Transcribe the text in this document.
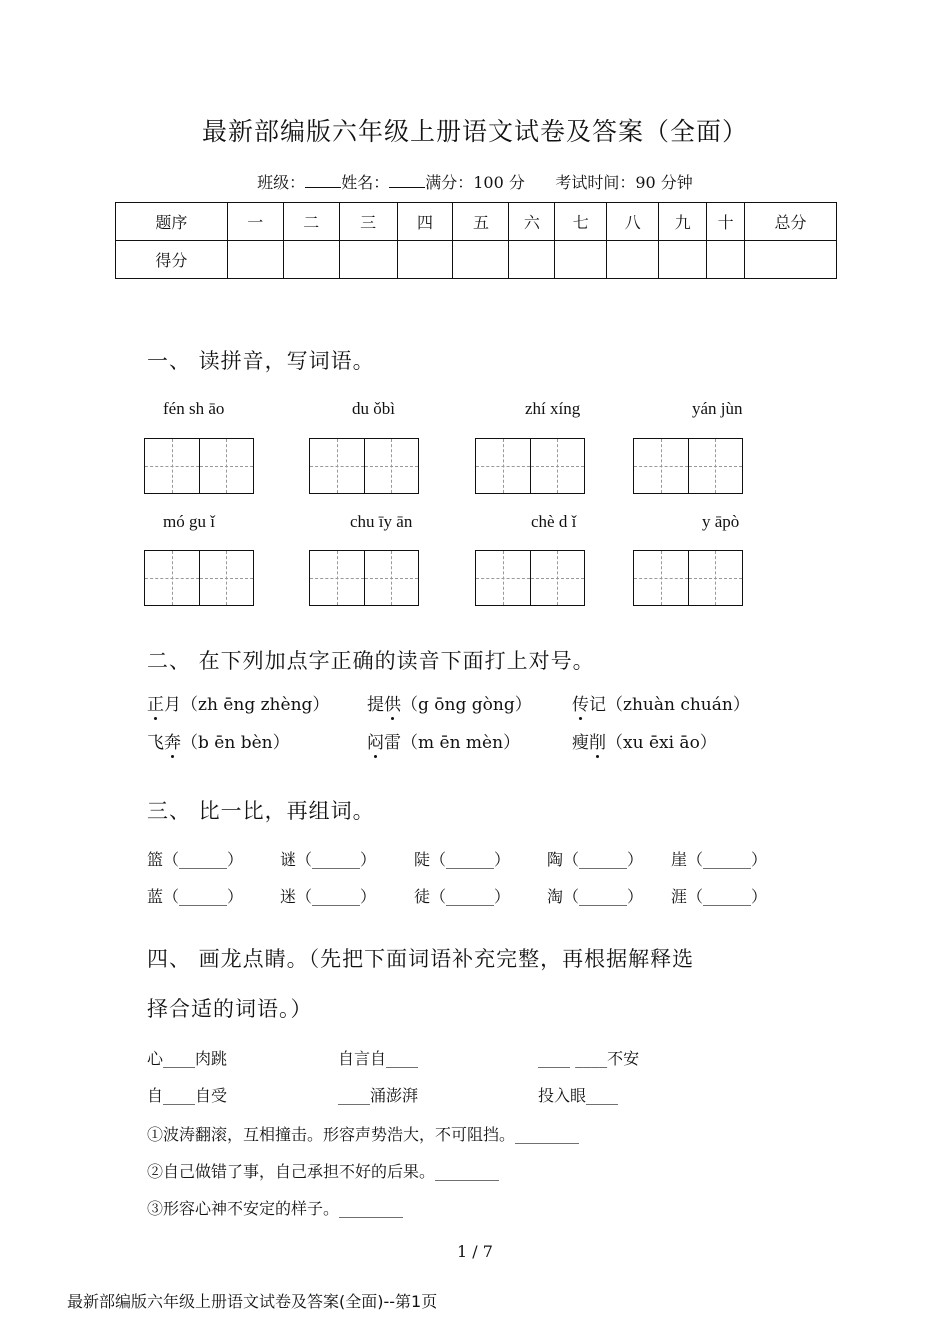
最新部编版六年级上册语文试卷及答案（全面）
班级： 姓名： 满分：100 分 考试时间：90 分钟
题序	一	二	三	四	五	六	七	八	九	十	总分
得分											
一、 读拼音，写词语。
fén sh āo	du ǒbì	zhí xíng	yán jùn
mó gu ǐ	chu īy ān	chè d ǐ	y āpò
二、 在下列加点字正确的读音下面打上对号。
正月（zh ēng zhèng） 提供（g ōng gòng） 传记（zhuàn chuán）
飞奔（b ēn bèn）	闷雷（m ēn mèn）	瘦削（xu ēxi āo）
三、 比一比，再组词。
篮（______） 谜（______） 陡（______） 陶（______） 崖（______）
蓝（______） 迷（______） 徒（______） 淘（______） 涯（______）
四、 画龙点睛。（先把下面词语补充完整，再根据解释选
择合适的词语。）
心____肉跳	自言自____	____ ____不安
自____自受	____涌澎湃	投入眼____
①波涛翻滚，互相撞击。形容声势浩大，不可阻挡。________
②自己做错了事，自己承担不好的后果。________
③形容心神不安定的样子。________
1 / 7
最新部编版六年级上册语文试卷及答案(全面)--第1页
